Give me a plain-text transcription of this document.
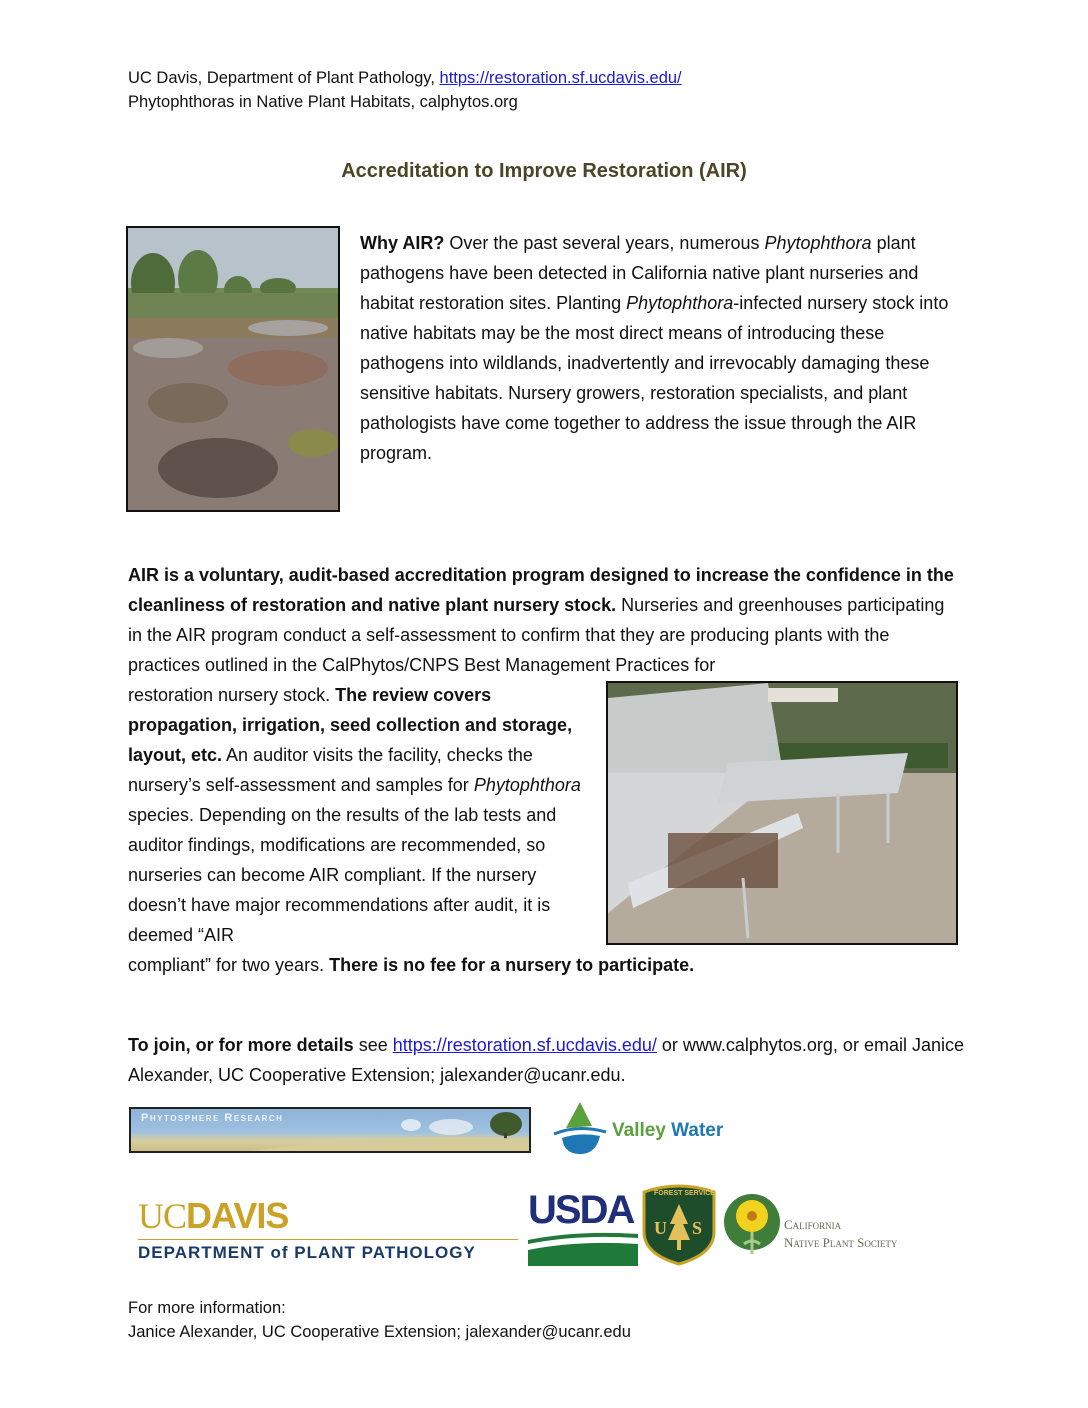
UC Davis, Department of Plant Pathology, https://restoration.sf.ucdavis.edu/
Phytophthoras in Native Plant Habitats, calphytos.org
Accreditation to Improve Restoration (AIR)
Why AIR? Over the past several years, numerous Phytophthora plant pathogens have been detected in California native plant nurseries and habitat restoration sites. Planting Phytophthora-infected nursery stock into native habitats may be the most direct means of introducing these pathogens into wildlands, inadvertently and irrevocably damaging these sensitive habitats. Nursery growers, restoration specialists, and plant pathologists have come together to address the issue through the AIR program.
AIR is a voluntary, audit-based accreditation program designed to increase the confidence in the cleanliness of restoration and native plant nursery stock. Nurseries and greenhouses participating in the AIR program conduct a self-assessment to confirm that they are producing plants with the practices outlined in the CalPhytos/CNPS Best Management Practices for
restoration nursery stock. The review covers propagation, irrigation, seed collection and storage, layout, etc. An auditor visits the facility, checks the nursery’s self-assessment and samples for Phytophthora species. Depending on the results of the lab tests and auditor findings, modifications are recommended, so nurseries can become AIR compliant. If the nursery doesn’t have major recommendations after audit, it is deemed “AIR
compliant” for two years. There is no fee for a nursery to participate.
To join, or for more details see https://restoration.sf.ucdavis.edu/ or www.calphytos.org, or email Janice Alexander, UC Cooperative Extension; jalexander@ucanr.edu.
Phytosphere Research
Valley Water
UCDAVIS
DEPARTMENT of PLANT PATHOLOGY
USDA U S
FOREST SERVICE
California
Native Plant Society
For more information:
Janice Alexander, UC Cooperative Extension; jalexander@ucanr.edu
